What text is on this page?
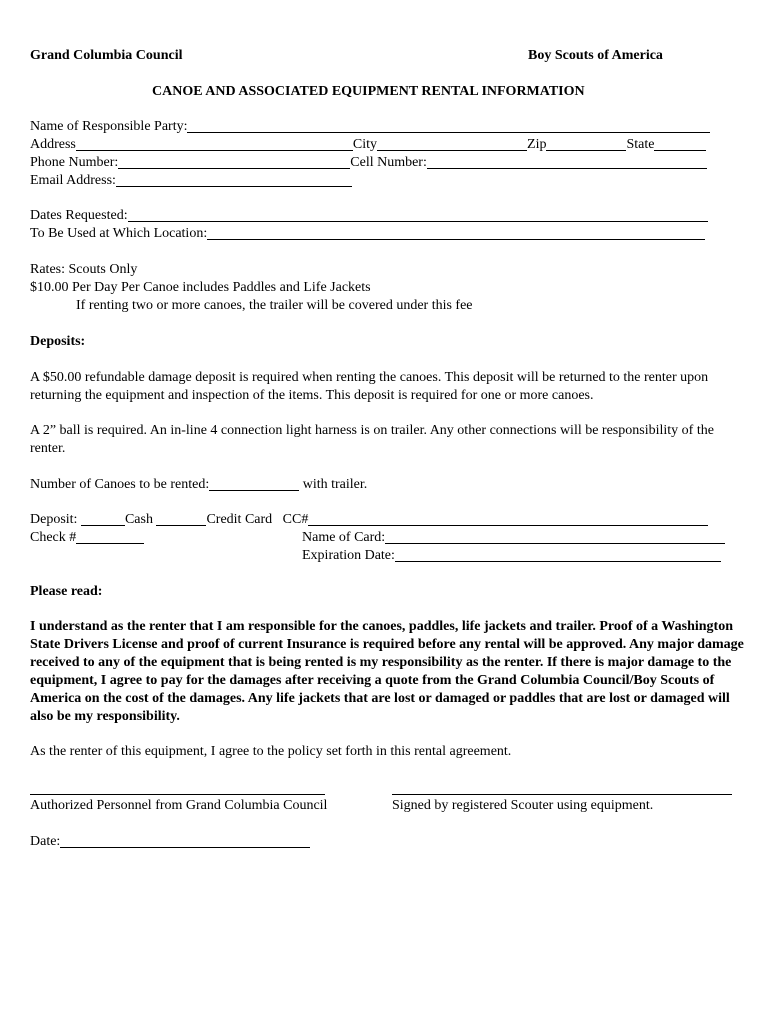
Grand Columbia Council	Boy Scouts of America
CANOE AND ASSOCIATED EQUIPMENT RENTAL INFORMATION
Name of Responsible Party:
Address	City	Zip	State
Phone Number:	Cell Number:
Email Address:
Dates Requested:
To Be Used at Which Location:
Rates: Scouts Only
$10.00 Per Day Per Canoe includes Paddles and Life Jackets
If renting two or more canoes, the trailer will be covered under this fee
Deposits:
A $50.00 refundable damage deposit is required when renting the canoes. This deposit will be returned to the renter upon returning the equipment and inspection of the items. This deposit is required for one or more canoes.
A 2” ball is required. An in-line 4 connection light harness is on trailer. Any other connections will be responsibility of the renter.
Number of Canoes to be rented:	with trailer.
Deposit:	Cash	Credit Card CC#
Check #	Name of Card:
Expiration Date:
Please read:
I understand as the renter that I am responsible for the canoes, paddles, life jackets and trailer. Proof of a Washington State Drivers License and proof of current Insurance is required before any rental will be approved. Any major damage received to any of the equipment that is being rented is my responsibility as the renter. If there is major damage to the equipment, I agree to pay for the damages after receiving a quote from the Grand Columbia Council/Boy Scouts of America on the cost of the damages. Any life jackets that are lost or damaged or paddles that are lost or damaged will also be my responsibility.
As the renter of this equipment, I agree to the policy set forth in this rental agreement.
Authorized Personnel from Grand Columbia Council	Signed by registered Scouter using equipment.
Date:
